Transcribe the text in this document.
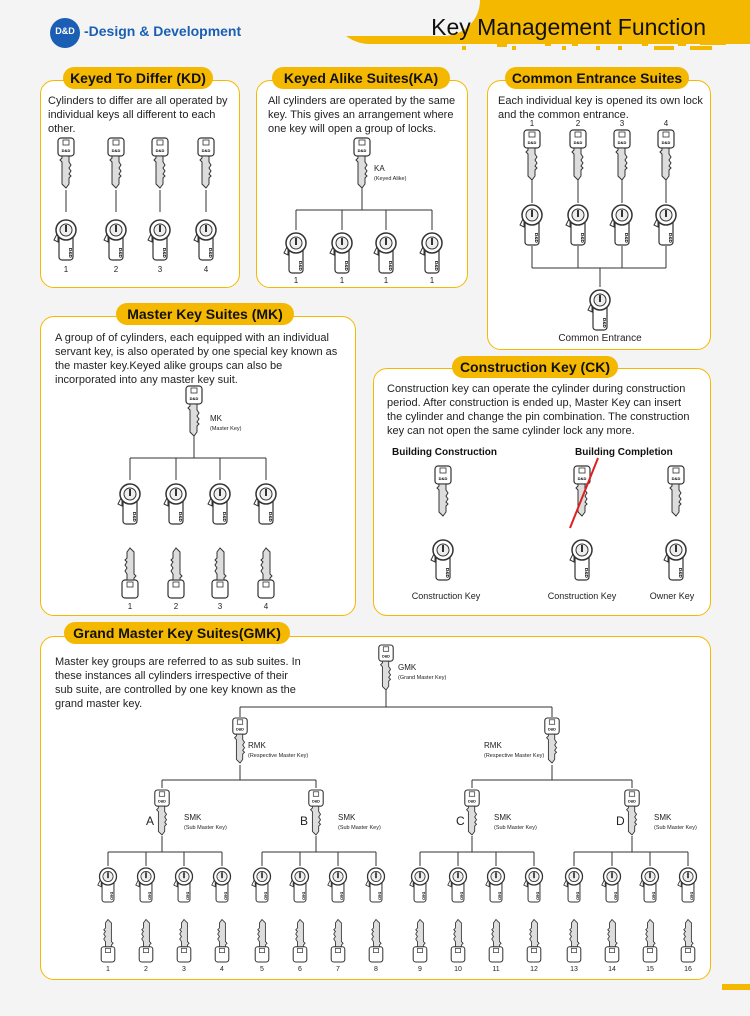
D&D -Design & Development	Key Management Function
Keyed To Differ (KD)	Keyed Alike Suites(KA)	Common Entrance Suites
Master Key Suites (MK)
Construction Key (CK)
Grand Master Key Suites(GMK)
Cylinders to differ are all operated by individual keys all different to each other.
All cylinders are operated by the same key. This gives an arrangement where one key will open a group of locks.
Each individual key is opened its own lock and the common entrance.
A group of of cylinders, each equipped with an individual servant key, is also operated by one special key known as the master key.Keyed alike groups can also be incorporated into any master key suit.
Construction key can operate the cylinder during construction period. After construction is ended up, Master Key can insert the cylinder and change the pin combination. The construction key can not open the same cylinder lock any more.
Master key groups are referred to as sub suites. In these instances all cylinders irrespective of their sub suite, are controlled by one key known as the grand master key.
KA
(Keyed Alike)
MK
(Master Key)
GMK
(Grand Master Key)
RMK
(Respective Master Key)
RMK
(Respective Master Key)
Common Entrance
Building Construction	Building Completion
Construction Key	Construction Key	Owner Key
D&D
D&D
D&D
D&D
D&D
D&D
D&D
D&D
D&D
D&D	D&D	D&D	D&D
D&D
D&D
D&D
D&D
D&D
D&D
D&D
D&D
D&D
D&D
D&D	D&D	D&D	D&D
D&D
D&D
D&D
D&D
D&D
D&D
D&D
D&D	D&D
D&D	D&D	D&D	D&D
D&D	D&D	D&D	D&D	D&D	D&D	D&D	D&D	D&D	D&D	D&D	D&D	D&D	D&D	D&D	D&D
1	2	3	4
1	1	1	1
1	2	3	4
1	2	3	4
A	SMK
(Sub Master Key)	B	SMK
(Sub Master Key)	C	SMK
(Sub Master Key)	D	SMK
(Sub Master Key)
1	2	3	4	5	6	7	8	9	10	11	12	13	14	15	16
